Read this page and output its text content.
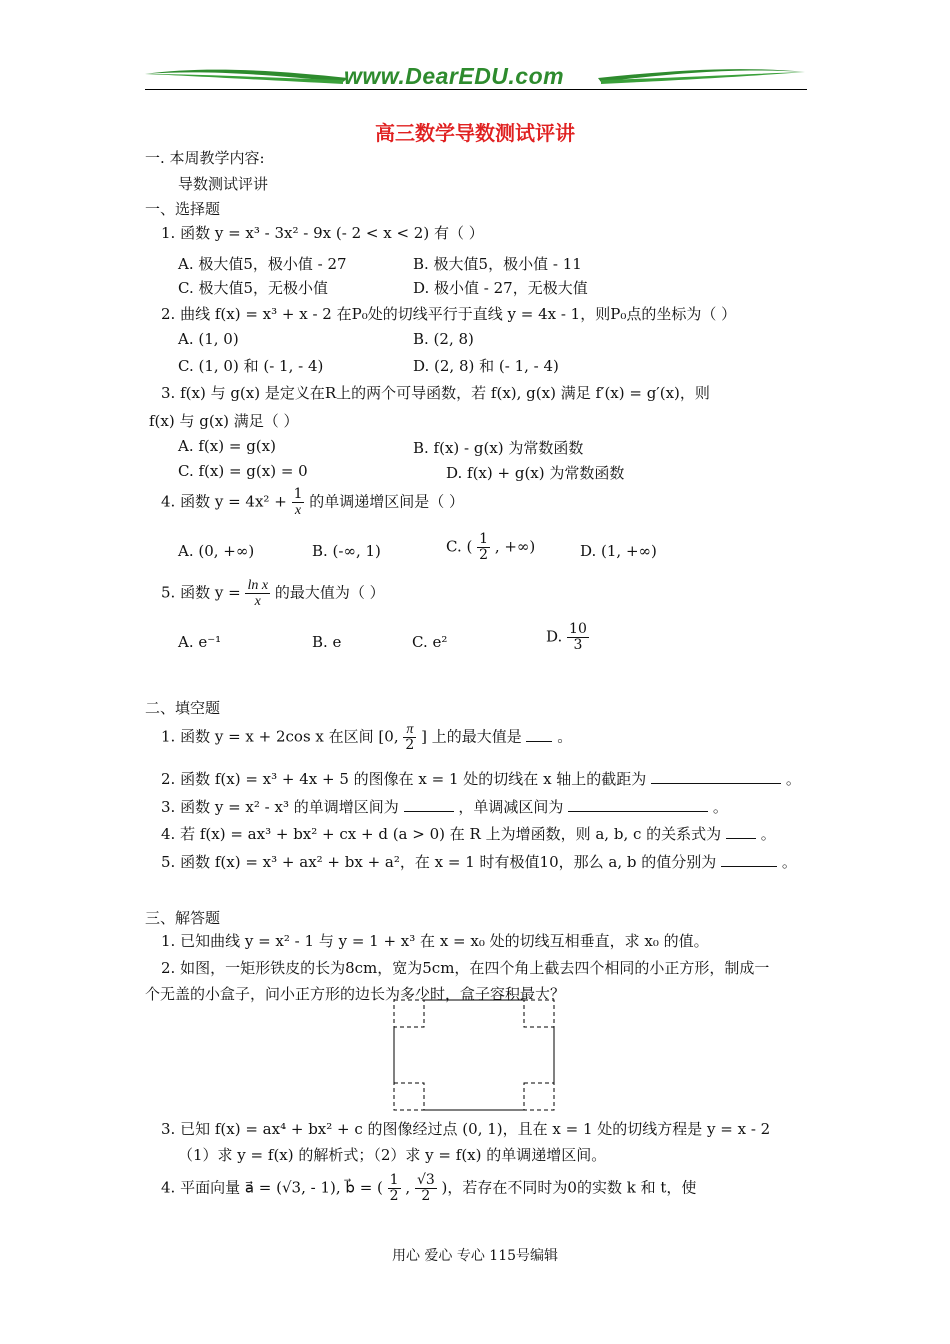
www.DearEDU.com
高三数学导数测试评讲
一. 本周教学内容:
导数测试评讲
一、选择题
1. 函数 y = x³ - 3x² - 9x (- 2 < x < 2) 有（ ）
A. 极大值5，极小值 - 27	B. 极大值5，极小值 - 11
C. 极大值5，无极小值	D. 极小值 - 27，无极大值
2. 曲线 f(x) = x³ + x - 2 在P₀处的切线平行于直线 y = 4x - 1，则P₀点的坐标为（ ）
A. (1, 0)	B. (2, 8)
C. (1, 0) 和 (- 1, - 4)	D. (2, 8) 和 (- 1, - 4)
3. f(x) 与 g(x) 是定义在R上的两个可导函数，若 f(x), g(x) 满足 f′(x) = g′(x)，则
f(x) 与 g(x) 满足（ ）
A. f(x) = g(x)	B. f(x) - g(x) 为常数函数
C. f(x) = g(x) = 0	D. f(x) + g(x) 为常数函数
4. 函数 $y = 4x^2 + \frac{1}{x}$ 的单调递增区间是（ ）
A. (0, +∞)	B. (-∞, 1)	C. ( $\frac{1}{2}$ , +∞)	D. (1, +∞)
5. 函数 $y = \frac{\text{ln x}}{x}$ 的最大值为（ ）
A. e⁻¹	B. e	C. e²	D. $\frac{10}{3}$
二、填空题
1. 函数 y = x + 2cos x 在区间 [0, $\frac{\pi}{2}$ ] 上的最大值是 。
2. 函数 f(x) = x³ + 4x + 5 的图像在 x = 1 处的切线在 x 轴上的截距为	。
3. 函数 y = x² - x³ 的单调增区间为	，单调减区间为	。
4. 若 f(x) = ax³ + bx² + cx + d (a > 0) 在 R 上为增函数，则 a, b, c 的关系式为	。
5. 函数 f(x) = x³ + ax² + bx + a²，在 x = 1 时有极值10，那么 a, b 的值分别为	。
三、解答题
1. 已知曲线 y = x² - 1 与 y = 1 + x³ 在 x = x₀ 处的切线互相垂直，求 x₀ 的值。
2. 如图，一矩形铁皮的长为8cm，宽为5cm，在四个角上截去四个相同的小正方形，制成一
个无盖的小盒子，问小正方形的边长为多少时，盒子容积最大？
3. 已知 f(x) = ax⁴ + bx² + c 的图像经过点 (0, 1)，且在 x = 1 处的切线方程是 y = x - 2
（1）求 y = f(x) 的解析式；（2）求 y = f(x) 的单调递增区间。
4. 平面向量 a⃗ = (√3, - 1), b⃗ = ( $\frac{1}{2}$ , $\frac{√3}{2}$ )，若存在不同时为0的实数 k 和 t，使
用心 爱心 专心 115号编辑
